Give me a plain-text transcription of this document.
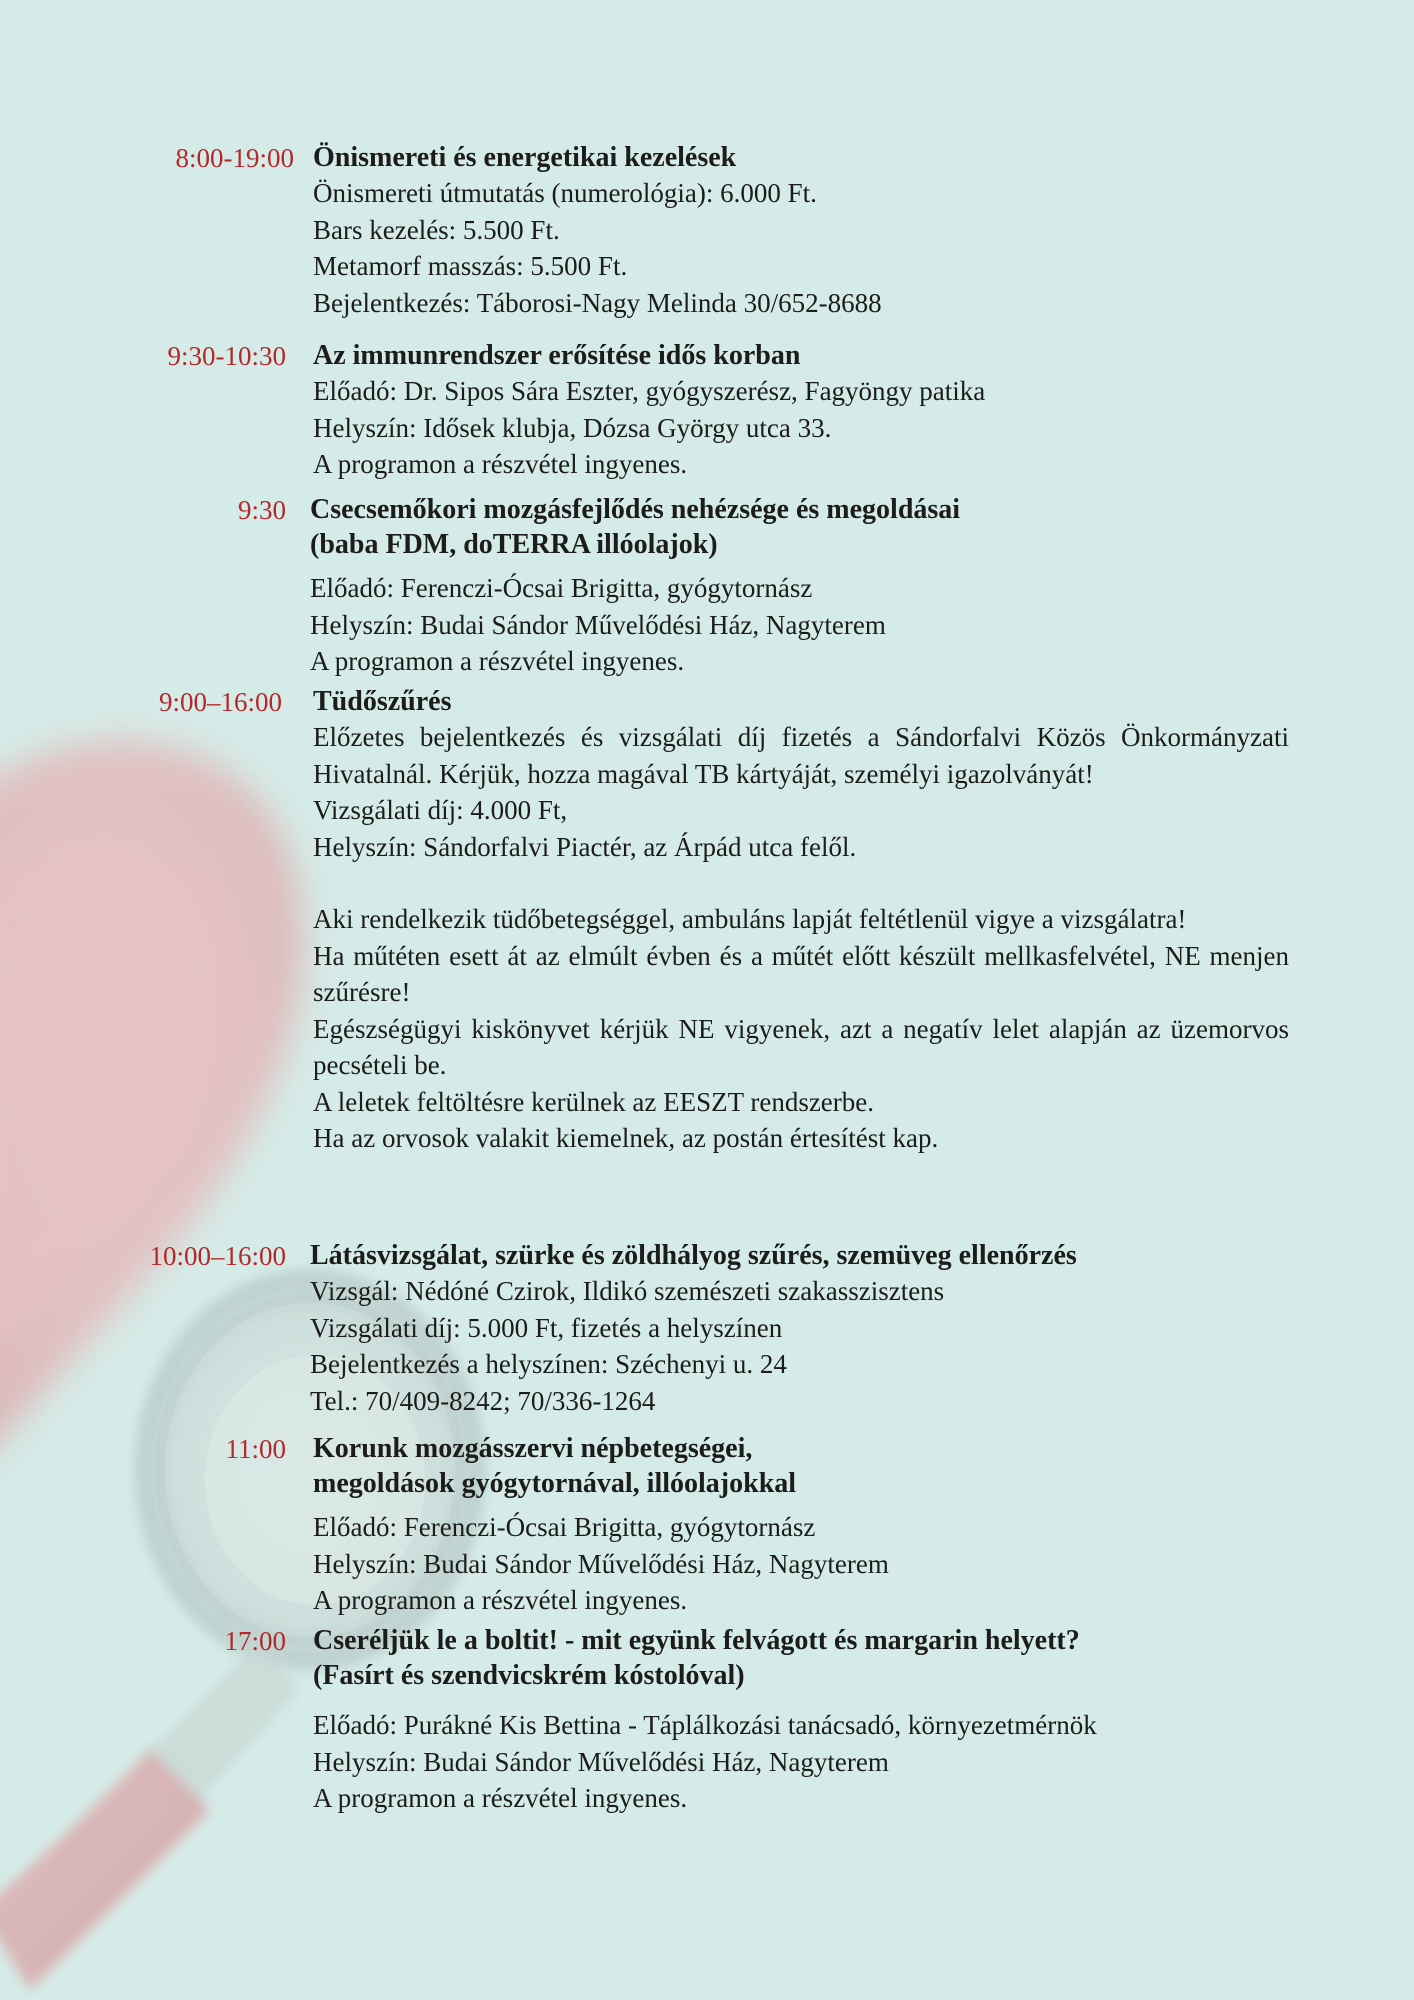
8:00-19:00 Önismereti és energetikai kezelések
Önismereti útmutatás (numerológia): 6.000 Ft.
Bars kezelés: 5.500 Ft.
Metamorf masszás: 5.500 Ft.
Bejelentkezés: Táborosi-Nagy Melinda 30/652-8688
9:30-10:30 Az immunrendszer erősítése idős korban
Előadó: Dr. Sipos Sára Eszter, gyógyszerész, Fagyöngy patika
Helyszín: Idősek klubja, Dózsa György utca 33.
A programon a részvétel ingyenes.
9:30 Csecsemőkori mozgásfejlődés nehézsége és megoldásai
(baba FDM, doTERRA illóolajok)
Előadó: Ferenczi-Ócsai Brigitta, gyógytornász
Helyszín: Budai Sándor Művelődési Ház, Nagyterem
A programon a részvétel ingyenes.
9:00–16:00 Tüdőszűrés
Előzetes bejelentkezés és vizsgálati díj fizetés a Sándorfalvi Közös Önkormányzati Hivatalnál. Kérjük, hozza magával TB kártyáját, személyi igazolványát!
Vizsgálati díj: 4.000 Ft,
Helyszín: Sándorfalvi Piactér, az Árpád utca felől.
Aki rendelkezik tüdőbetegséggel, ambuláns lapját feltétlenül vigye a vizsgálatra!
Ha műtéten esett át az elmúlt évben és a műtét előtt készült mellkasfelvétel, NE menjen szűrésre!
Egészségügyi kiskönyvet kérjük NE vigyenek, azt a negatív lelet alapján az üzemorvos pecsételi be.
A leletek feltöltésre kerülnek az EESZT rendszerbe.
Ha az orvosok valakit kiemelnek, az postán értesítést kap.
10:00–16:00 Látásvizsgálat, szürke és zöldhályog szűrés, szemüveg ellenőrzés
Vizsgál: Nédóné Czirok, Ildikó szemészeti szakasszisztens
Vizsgálati díj: 5.000 Ft, fizetés a helyszínen
Bejelentkezés a helyszínen: Széchenyi u. 24
Tel.: 70/409-8242; 70/336-1264
11:00 Korunk mozgásszervi népbetegségei,
megoldások gyógytornával, illóolajokkal
Előadó: Ferenczi-Ócsai Brigitta, gyógytornász
Helyszín: Budai Sándor Művelődési Ház, Nagyterem
A programon a részvétel ingyenes.
17:00 Cseréljük le a boltit! - mit együnk felvágott és margarin helyett?
(Fasírt és szendvicskrém kóstolóval)
Előadó: Purákné Kis Bettina - Táplálkozási tanácsadó, környezetmérnök
Helyszín: Budai Sándor Művelődési Ház, Nagyterem
A programon a részvétel ingyenes.
